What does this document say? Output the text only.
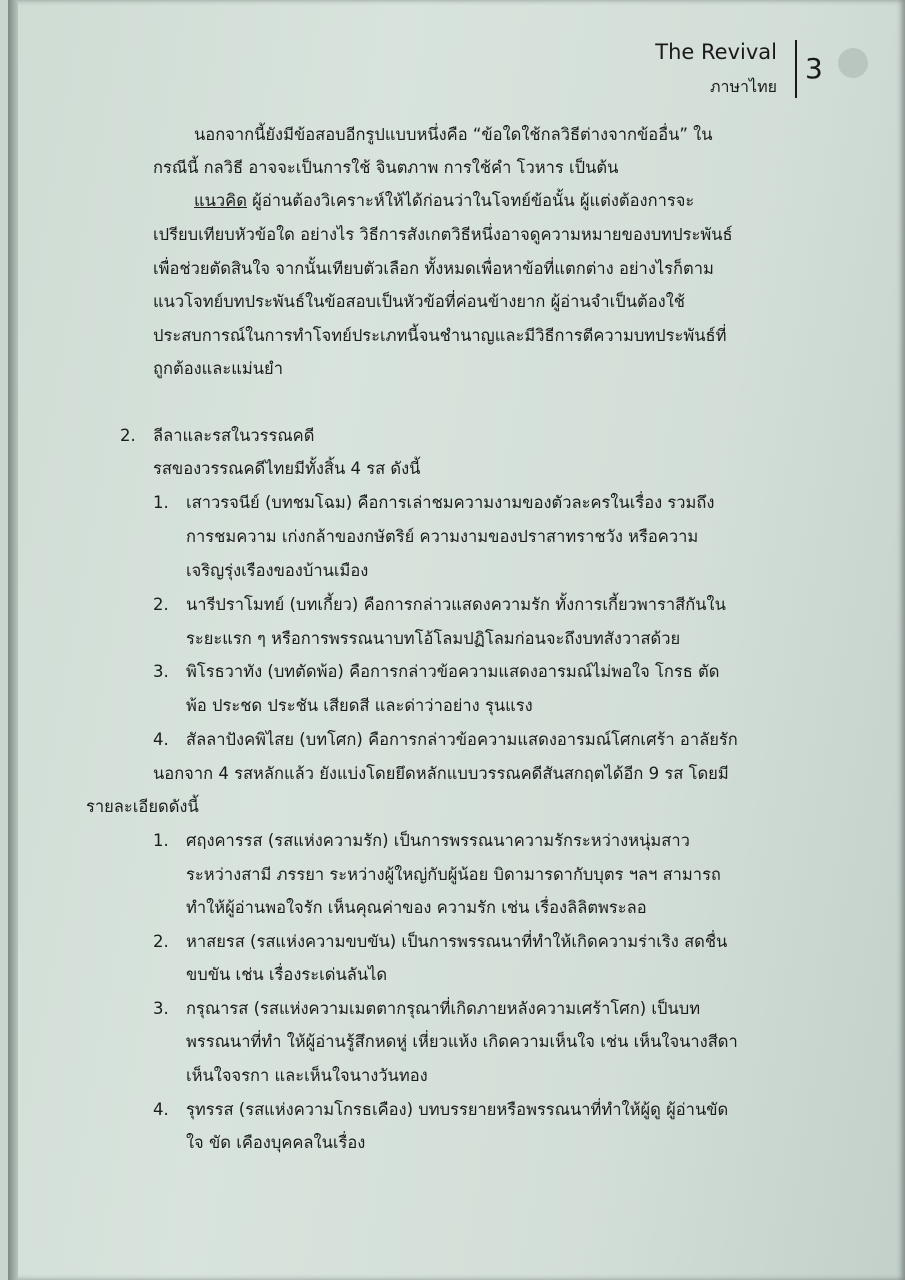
The Revival
ภาษาไทย
3
นอกจากนี้ยังมีข้อสอบอีกรูปแบบหนึ่งคือ “ข้อใดใช้กลวิธีต่างจากข้ออื่น” ใน
กรณีนี้ กลวิธี อาจจะเป็นการใช้ จินตภาพ การใช้คำ โวหาร เป็นต้น
แนวคิด ผู้อ่านต้องวิเคราะห์ให้ได้ก่อนว่าในโจทย์ข้อนั้น ผู้แต่งต้องการจะ
เปรียบเทียบหัวข้อใด อย่างไร วิธีการสังเกตวิธีหนึ่งอาจดูความหมายของบทประพันธ์
เพื่อช่วยตัดสินใจ จากนั้นเทียบตัวเลือก ทั้งหมดเพื่อหาข้อที่แตกต่าง อย่างไรก็ตาม
แนวโจทย์บทประพันธ์ในข้อสอบเป็นหัวข้อที่ค่อนข้างยาก ผู้อ่านจำเป็นต้องใช้
ประสบการณ์ในการทำโจทย์ประเภทนี้จนชำนาญและมีวิธีการตีความบทประพันธ์ที่
ถูกต้องและแม่นยำ
2. ลีลาและรสในวรรณคดี
รสของวรรณคดีไทยมีทั้งสิ้น 4 รส ดังนี้
1. เสาวรจนีย์ (บทชมโฉม) คือการเล่าชมความงามของตัวละครในเรื่อง รวมถึง
การชมความ เก่งกล้าของกษัตริย์ ความงามของปราสาทราชวัง หรือความ
เจริญรุ่งเรืองของบ้านเมือง
2. นารีปราโมทย์ (บทเกี้ยว) คือการกล่าวแสดงความรัก ทั้งการเกี้ยวพาราสีกันใน
ระยะแรก ๆ หรือการพรรณนาบทโอ้โลมปฏิโลมก่อนจะถึงบทสังวาสด้วย
3. พิโรธวาทัง (บทตัดพ้อ) คือการกล่าวข้อความแสดงอารมณ์ไม่พอใจ โกรธ ตัด
พ้อ ประชด ประชัน เสียดสี และด่าว่าอย่าง รุนแรง
4. สัลลาปังคพิไสย (บทโศก) คือการกล่าวข้อความแสดงอารมณ์โศกเศร้า อาลัยรัก
นอกจาก 4 รสหลักแล้ว ยังแบ่งโดยยึดหลักแบบวรรณคดีสันสกฤตได้อีก 9 รส โดยมี
รายละเอียดดังนี้
1. ศฤงคารรส (รสแห่งความรัก) เป็นการพรรณนาความรักระหว่างหนุ่มสาว
ระหว่างสามี ภรรยา ระหว่างผู้ใหญ่กับผู้น้อย บิดามารดากับบุตร ฯลฯ สามารถ
ทำให้ผู้อ่านพอใจรัก เห็นคุณค่าของ ความรัก เช่น เรื่องลิลิตพระลอ
2. หาสยรส (รสแห่งความขบขัน) เป็นการพรรณนาที่ทำให้เกิดความร่าเริง สดชื่น
ขบขัน เช่น เรื่องระเด่นลันได
3. กรุณารส (รสแห่งความเมตตากรุณาที่เกิดภายหลังความเศร้าโศก) เป็นบท
พรรณนาที่ทำ ให้ผู้อ่านรู้สึกหดหู่ เหี่ยวแห้ง เกิดความเห็นใจ เช่น เห็นใจนางสีดา
เห็นใจจรกา และเห็นใจนางวันทอง
4. รุทรรส (รสแห่งความโกรธเคือง) บทบรรยายหรือพรรณนาที่ทำให้ผู้ดู ผู้อ่านขัด
ใจ ขัด เคืองบุคคลในเรื่อง
